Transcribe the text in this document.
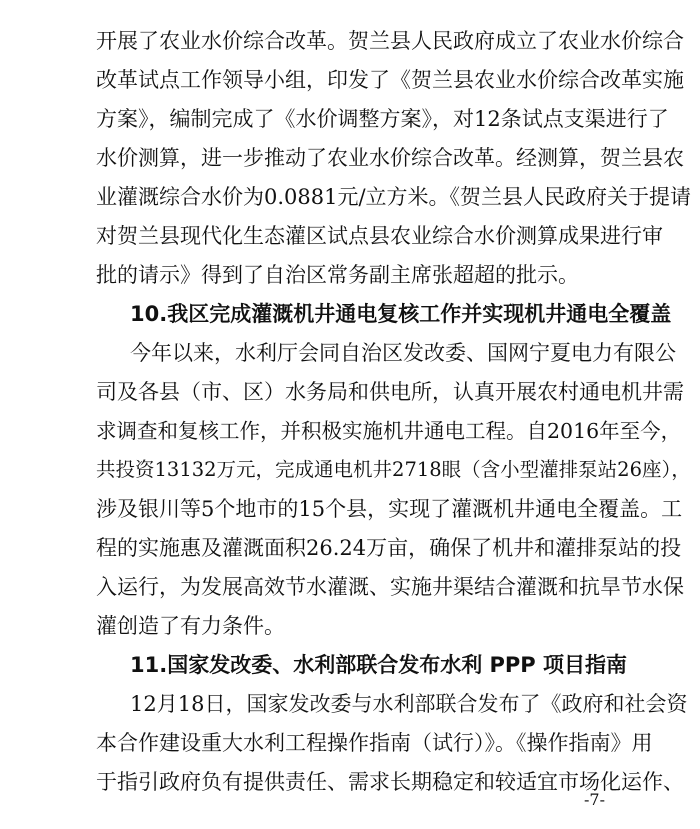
开展了农业水价综合改革。贺兰县人民政府成立了农业水价综合
改革试点工作领导小组，印发了《贺兰县农业水价综合改革实施
方案》，编制完成了《水价调整方案》，对12条试点支渠进行了
水价测算，进一步推动了农业水价综合改革。经测算，贺兰县农
业灌溉综合水价为0.0881元/立方米。《贺兰县人民政府关于提请
对贺兰县现代化生态灌区试点县农业综合水价测算成果进行审
批的请示》得到了自治区常务副主席张超超的批示。
10.我区完成灌溉机井通电复核工作并实现机井通电全覆盖
今年以来，水利厅会同自治区发改委、国网宁夏电力有限公
司及各县（市、区）水务局和供电所，认真开展农村通电机井需
求调查和复核工作，并积极实施机井通电工程。自2016年至今，
共投资13132万元，完成通电机井2718眼（含小型灌排泵站26座），
涉及银川等5个地市的15个县，实现了灌溉机井通电全覆盖。工
程的实施惠及灌溉面积26.24万亩，确保了机井和灌排泵站的投
入运行，为发展高效节水灌溉、实施井渠结合灌溉和抗旱节水保
灌创造了有力条件。
11.国家发改委、水利部联合发布水利 PPP 项目指南
12月18日，国家发改委与水利部联合发布了《政府和社会资
本合作建设重大水利工程操作指南（试行）》。《操作指南》用
于指引政府负有提供责任、需求长期稳定和较适宜市场化运作、
-7-
